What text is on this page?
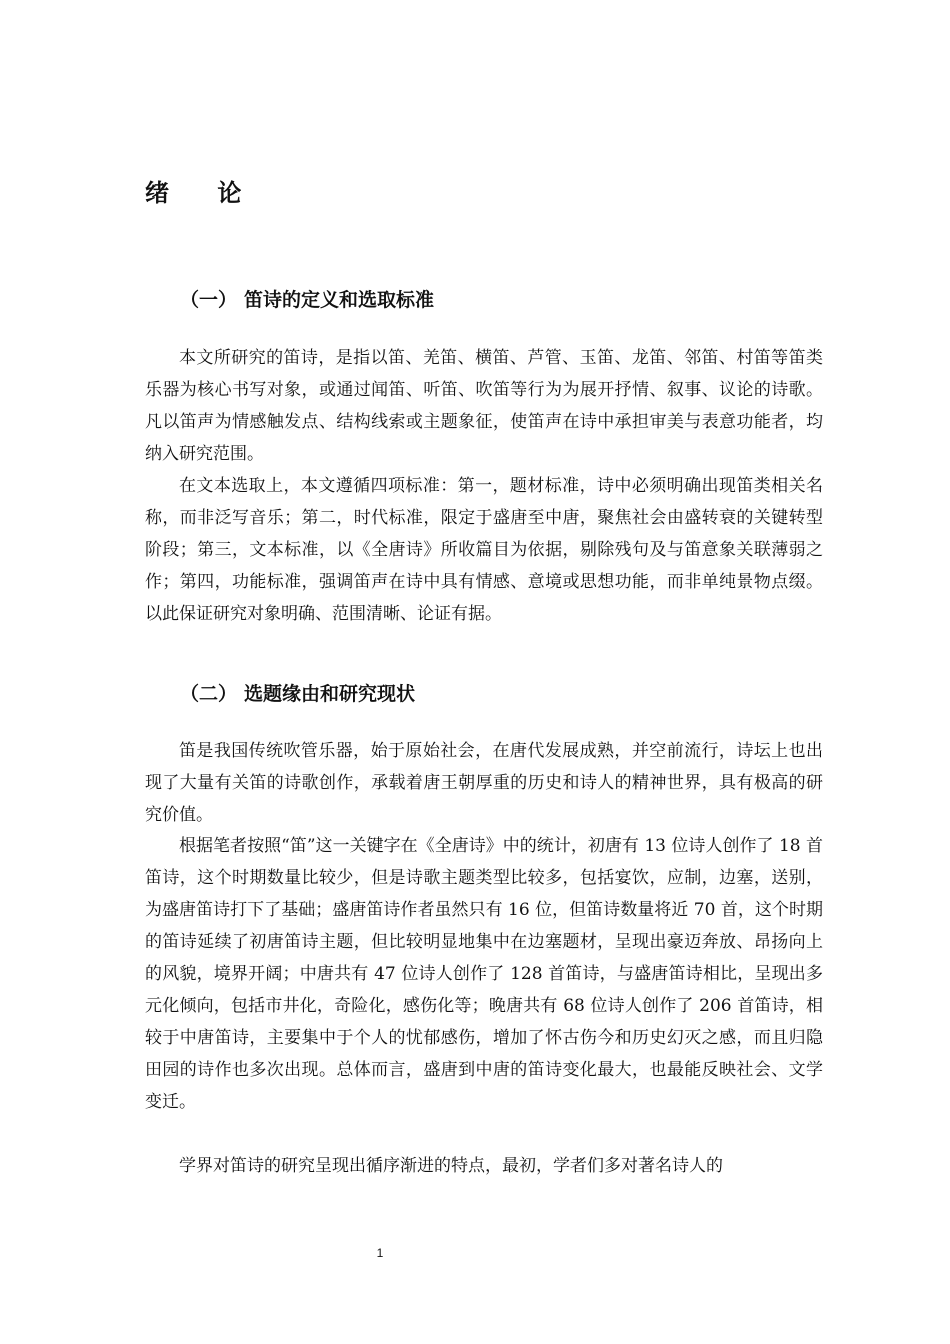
绪 论
（一） 笛诗的定义和选取标准

本文所研究的笛诗，是指以笛、羌笛、横笛、芦管、玉笛、龙笛、邻笛、村笛等笛类乐器为核心书写对象，或通过闻笛、听笛、吹笛等行为为展开抒情、叙事、议论的诗歌。凡以笛声为情感触发点、结构线索或主题象征，使笛声在诗中承担审美与表意功能者，均纳入研究范围。

在文本选取上，本文遵循四项标准：第一，题材标准，诗中必须明确出现笛类相关名称，而非泛写音乐；第二，时代标准，限定于盛唐至中唐，聚焦社会由盛转衰的关键转型阶段；第三，文本标准，以《全唐诗》所收篇目为依据，剔除残句及与笛意象关联薄弱之作；第四，功能标准，强调笛声在诗中具有情感、意境或思想功能，而非单纯景物点缀。以此保证研究对象明确、范围清晰、论证有据。

（二） 选题缘由和研究现状

笛是我国传统吹管乐器，始于原始社会，在唐代发展成熟，并空前流行，诗坛上也出现了大量有关笛的诗歌创作，承载着唐王朝厚重的历史和诗人的精神世界，具有极高的研究价值。

根据笔者按照“笛”这一关键字在《全唐诗》中的统计，初唐有 13 位诗人创作了 18 首笛诗，这个时期数量比较少，但是诗歌主题类型比较多，包括宴饮，应制，边塞，送别，为盛唐笛诗打下了基础；盛唐笛诗作者虽然只有 16 位，但笛诗数量将近 70 首，这个时期的笛诗延续了初唐笛诗主题，但比较明显地集中在边塞题材，呈现出豪迈奔放、昂扬向上的风貌，境界开阔；中唐共有 47 位诗人创作了 128 首笛诗，与盛唐笛诗相比，呈现出多元化倾向，包括市井化，奇险化，感伤化等；晚唐共有 68 位诗人创作了 206 首笛诗，相较于中唐笛诗，主要集中于个人的忧郁感伤，增加了怀古伤今和历史幻灭之感，而且归隐田园的诗作也多次出现。总体而言，盛唐到中唐的笛诗变化最大，也最能反映社会、文学变迁。

学界对笛诗的研究呈现出循序渐进的特点，最初，学者们多对著名诗人的

1
